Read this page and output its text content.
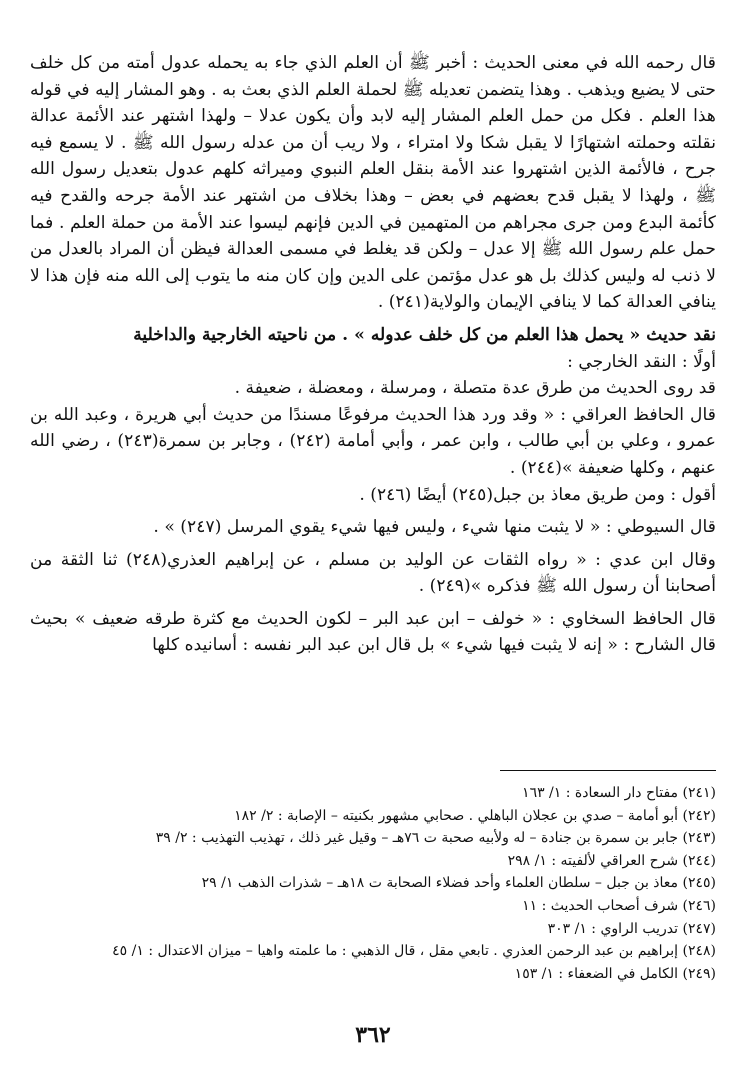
قال رحمه الله في معنى الحديث : أخبر ﷺ أن العلم الذي جاء به يحمله عدول أمته من كل خلف حتى لا يضيع ويذهب . وهذا يتضمن تعديله ﷺ لحملة العلم الذي بعث به . وهو المشار إليه في قوله هذا العلم . فكل من حمل العلم المشار إليه لابد وأن يكون عدلا – ولهذا اشتهر عند الأئمة عدالة نقلته وحملته اشتهارًا لا يقبل شكا ولا امتراء ، ولا ريب أن من عدله رسول الله ﷺ . لا يسمع فيه جرح ، فالأئمة الذين اشتهروا عند الأمة بنقل العلم النبوي وميراثه كلهم عدول بتعديل رسول الله ﷺ ، ولهذا لا يقبل قدح بعضهم في بعض – وهذا بخلاف من اشتهر عند الأمة جرحه والقدح فيه كأئمة البدع ومن جرى مجراهم من المتهمين في الدين فإنهم ليسوا عند الأمة من حملة العلم . فما حمل علم رسول الله ﷺ إلا عدل – ولكن قد يغلط في مسمى العدالة فيظن أن المراد بالعدل من لا ذنب له وليس كذلك بل هو عدل مؤتمن على الدين وإن كان منه ما يتوب إلى الله منه فإن هذا لا ينافي العدالة كما لا ينافي الإيمان والولاية(٢٤١) .

نقد حديث « يحمل هذا العلم من كل خلف عدوله » . من ناحيته الخارجية والداخلية

أولًا : النقد الخارجي :

قد روى الحديث من طرق عدة متصلة ، ومرسلة ، ومعضلة ، ضعيفة .

قال الحافظ العراقي : « وقد ورد هذا الحديث مرفوعًا مسندًا من حديث أبي هريرة ، وعبد الله بن عمرو ، وعلي بن أبي طالب ، وابن عمر ، وأبي أمامة (٢٤٢) ، وجابر بن سمرة(٢٤٣) ، رضي الله عنهم ، وكلها ضعيفة »(٢٤٤) .

أقول : ومن طريق معاذ بن جبل(٢٤٥) أيضًا (٢٤٦) .

قال السيوطي : « لا يثبت منها شيء ، وليس فيها شيء يقوي المرسل (٢٤٧) » .

وقال ابن عدي : « رواه الثقات عن الوليد بن مسلم ، عن إبراهيم العذري(٢٤٨) ثنا الثقة من أصحابنا أن رسول الله ﷺ فذكره »(٢٤٩) .

قال الحافظ السخاوي : « خولف – ابن عبد البر – لكون الحديث مع كثرة طرقه ضعيف » بحيث قال الشارح : « إنه لا يثبت فيها شيء » بل قال ابن عبد البر نفسه : أسانيده كلها

(٢٤١) مفتاح دار السعادة : ١/ ١٦٣

(٢٤٢) أبو أمامة – صدي بن عجلان الباهلي . صحابي مشهور بكنيته – الإصابة : ٢/ ١٨٢

(٢٤٣) جابر بن سمرة بن جنادة – له ولأبيه صحبة ت ٧٦هـ – وقيل غير ذلك ، تهذيب التهذيب : ٢/ ٣٩

(٢٤٤) شرح العراقي لألفيته : ١/ ٢٩٨

(٢٤٥) معاذ بن جبل – سلطان العلماء وأحد فضلاء الصحابة ت ١٨هـ – شذرات الذهب ١/ ٢٩

(٢٤٦) شرف أصحاب الحديث : ١١

(٢٤٧) تدريب الراوي : ١/ ٣٠٣

(٢٤٨) إبراهيم بن عبد الرحمن العذري . تابعي مقل ، قال الذهبي : ما علمته واهيا – ميزان الاعتدال : ١/ ٤٥

(٢٤٩) الكامل في الضعفاء : ١/ ١٥٣

٣٦٢
